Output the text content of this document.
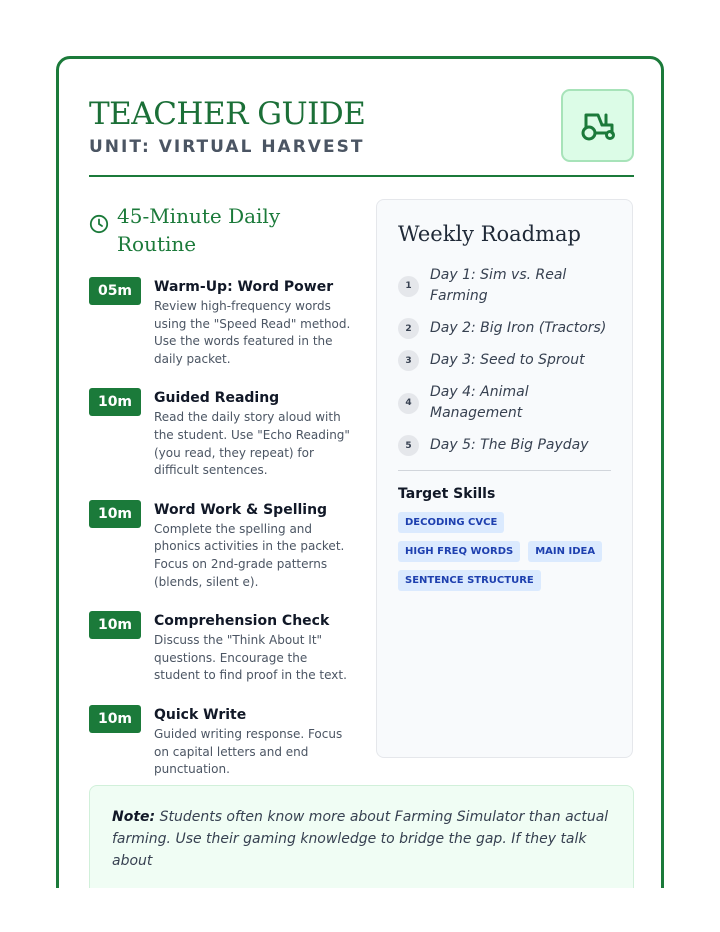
TEACHER GUIDE
UNIT: VIRTUAL HARVEST
45-Minute Daily Routine
05m	Warm-Up: Word Power
Review high-frequency words using the "Speed Read" method. Use the words featured in the daily packet.
10m	Guided Reading
Read the daily story aloud with the student. Use "Echo Reading" (you read, they repeat) for difficult sentences.
10m	Word Work & Spelling
Complete the spelling and phonics activities in the packet. Focus on 2nd-grade patterns (blends, silent e).
10m	Comprehension Check
Discuss the "Think About It" questions. Encourage the student to find proof in the text.
10m	Quick Write
Guided writing response. Focus on capital letters and end punctuation.
Weekly Roadmap
1
Day 1: Sim vs. Real Farming
2	Day 2: Big Iron (Tractors)
3	Day 3: Seed to Sprout
4
Day 4: Animal Management
5	Day 5: The Big Payday
Target Skills
DECODING CVCE
HIGH FREQ WORDS	MAIN IDEA
SENTENCE STRUCTURE
Note: Students often know more about Farming Simulator than actual farming. Use their gaming knowledge to bridge the gap. If they talk about
